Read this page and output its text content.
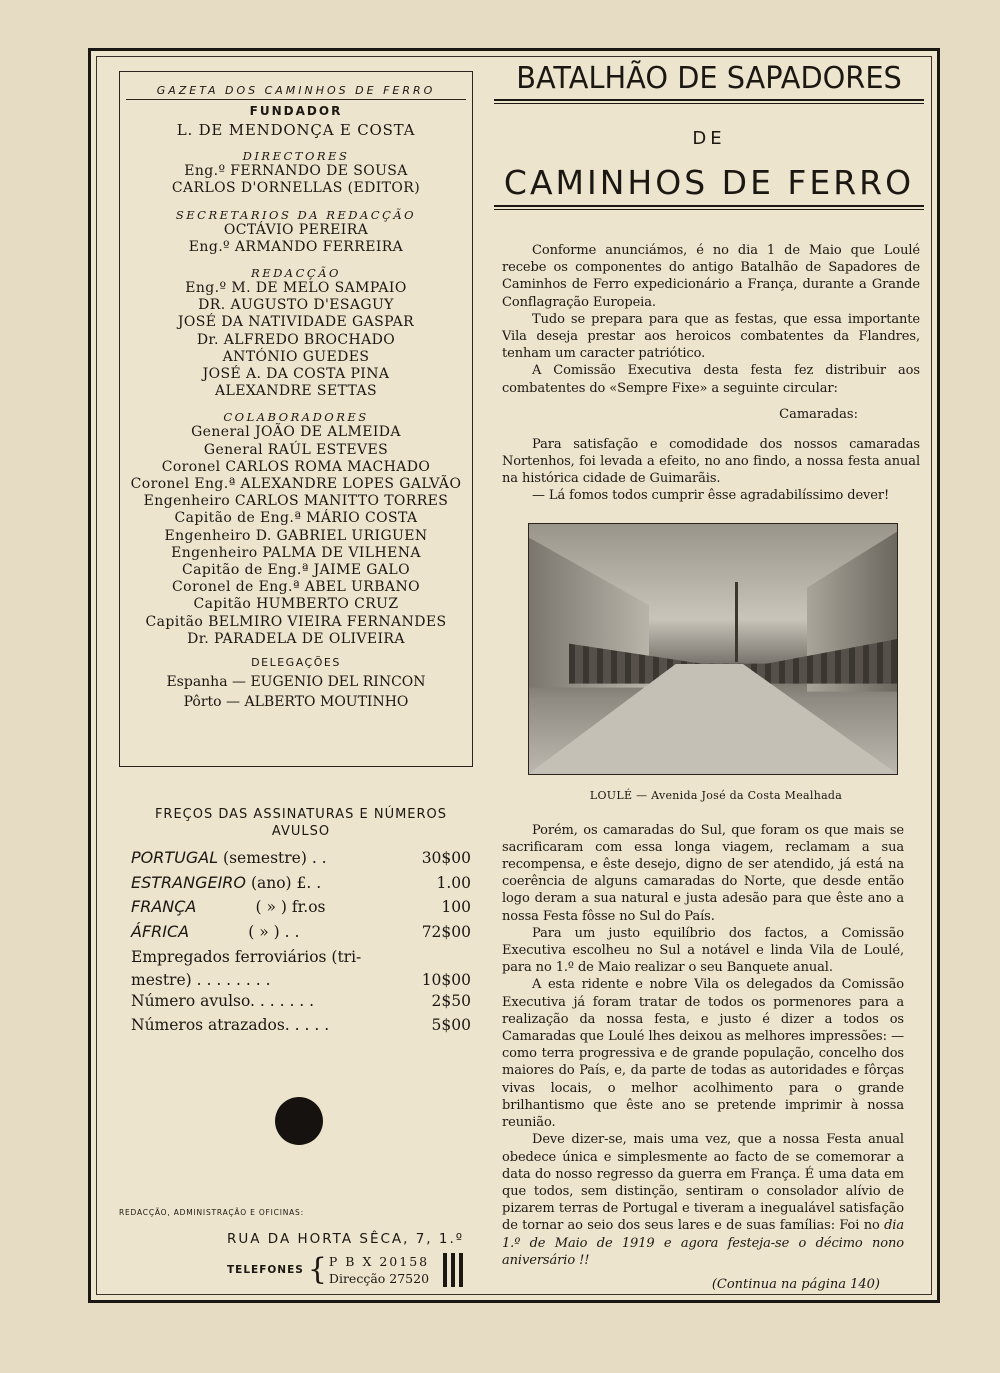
GAZETA DOS CAMINHOS DE FERRO
FUNDADOR
L. DE MENDONÇA E COSTA
DIRECTORES
Eng.º FERNANDO DE SOUSA
CARLOS D'ORNELLAS (EDITOR)
SECRETARIOS DA REDACÇÃO
OCTÁVIO PEREIRA
Eng.º ARMANDO FERREIRA
REDACÇÃO
Eng.º M. DE MELO SAMPAIO
DR. AUGUSTO D'ESAGUY
JOSÉ DA NATIVIDADE GASPAR
Dr. ALFREDO BROCHADO
ANTÓNIO GUEDES
JOSÉ A. DA COSTA PINA
ALEXANDRE SETTAS
COLABORADORES
General JOÃO DE ALMEIDA
General RAÚL ESTEVES
Coronel CARLOS ROMA MACHADO
Coronel Eng.ª ALEXANDRE LOPES GALVÃO
Engenheiro CARLOS MANITTO TORRES
Capitão de Eng.ª MÁRIO COSTA
Engenheiro D. GABRIEL URIGUEN
Engenheiro PALMA DE VILHENA
Capitão de Eng.ª JAIME GALO
Coronel de Eng.ª ABEL URBANO
Capitão HUMBERTO CRUZ
Capitão BELMIRO VIEIRA FERNANDES
Dr. PARADELA DE OLIVEIRA
DELEGAÇÕES
Espanha — EUGENIO DEL RINCON
Pôrto — ALBERTO MOUTINHO
FREÇOS DAS ASSINATURAS E NÚMEROS
AVULSO
PORTUGAL (semestre) . .	30$00
ESTRANGEIRO (ano) £. .	1.00
FRANÇA            ( » ) fr.os	100
ÁFRICA            ( » ) . .	72$00
Empregados ferroviários (tri-
mestre) . . . . . . . .	10$00
Número avulso. . . . . . .	2$50
Números atrazados. . . . .	5$00
REDACÇÃO, ADMINISTRAÇÃO E OFICINAS:
RUA DA HORTA SÊCA, 7, 1.º
TELEFONES { P B X 20158
Direcção 27520
BATALHÃO DE SAPADORES
DE
CAMINHOS DE FERRO

Conforme anunciámos, é no dia 1 de Maio que Loulé recebe os componentes do antigo Batalhão de Sapadores de Caminhos de Ferro expedicionário a França, durante a Grande Conflagração Europeia.

Tudo se prepara para que as festas, que essa importante Vila deseja prestar aos heroicos combatentes da Flandres, tenham um caracter patriótico.

A Comissão Executiva desta festa fez distribuir aos combatentes do «Sempre Fixe» a seguinte circular:

Camaradas:

Para satisfação e comodidade dos nossos camaradas Nortenhos, foi levada a efeito, no ano findo, a nossa festa anual na histórica cidade de Guimarãis.

— Lá fomos todos cumprir êsse agradabilíssimo dever!

LOULÉ — Avenida José da Costa Mealhada

Porém, os camaradas do Sul, que foram os que mais se sacrificaram com essa longa viagem, reclamam a sua recompensa, e êste desejo, digno de ser atendido, já está na coerência de alguns camaradas do Norte, que desde então logo deram a sua natural e justa adesão para que êste ano a nossa Festa fôsse no Sul do País.

Para um justo equilíbrio dos factos, a Comissão Executiva escolheu no Sul a notável e linda Vila de Loulé, para no 1.º de Maio realizar o seu Banquete anual.

A esta ridente e nobre Vila os delegados da Comissão Executiva já foram tratar de todos os pormenores para a realização da nossa festa, e justo é dizer a todos os Camaradas que Loulé lhes deixou as melhores impressões: — como terra progressiva e de grande população, concelho dos maiores do País, e, da parte de todas as autoridades e fôrças vivas locais, o melhor acolhimento para o grande brilhantismo que êste ano se pretende imprimir à nossa reunião.

Deve dizer-se, mais uma vez, que a nossa Festa anual obedece única e simplesmente ao facto de se comemorar a data do nosso regresso da guerra em França. É uma data em que todos, sem distinção, sentiram o consolador alívio de pizarem terras de Portugal e tiveram a inegualável satisfação de tornar ao seio dos seus lares e de suas famílias: Foi no dia 1.º de Maio de 1919 e agora festeja-se o décimo nono aniversário !!

(Continua na página 140)
